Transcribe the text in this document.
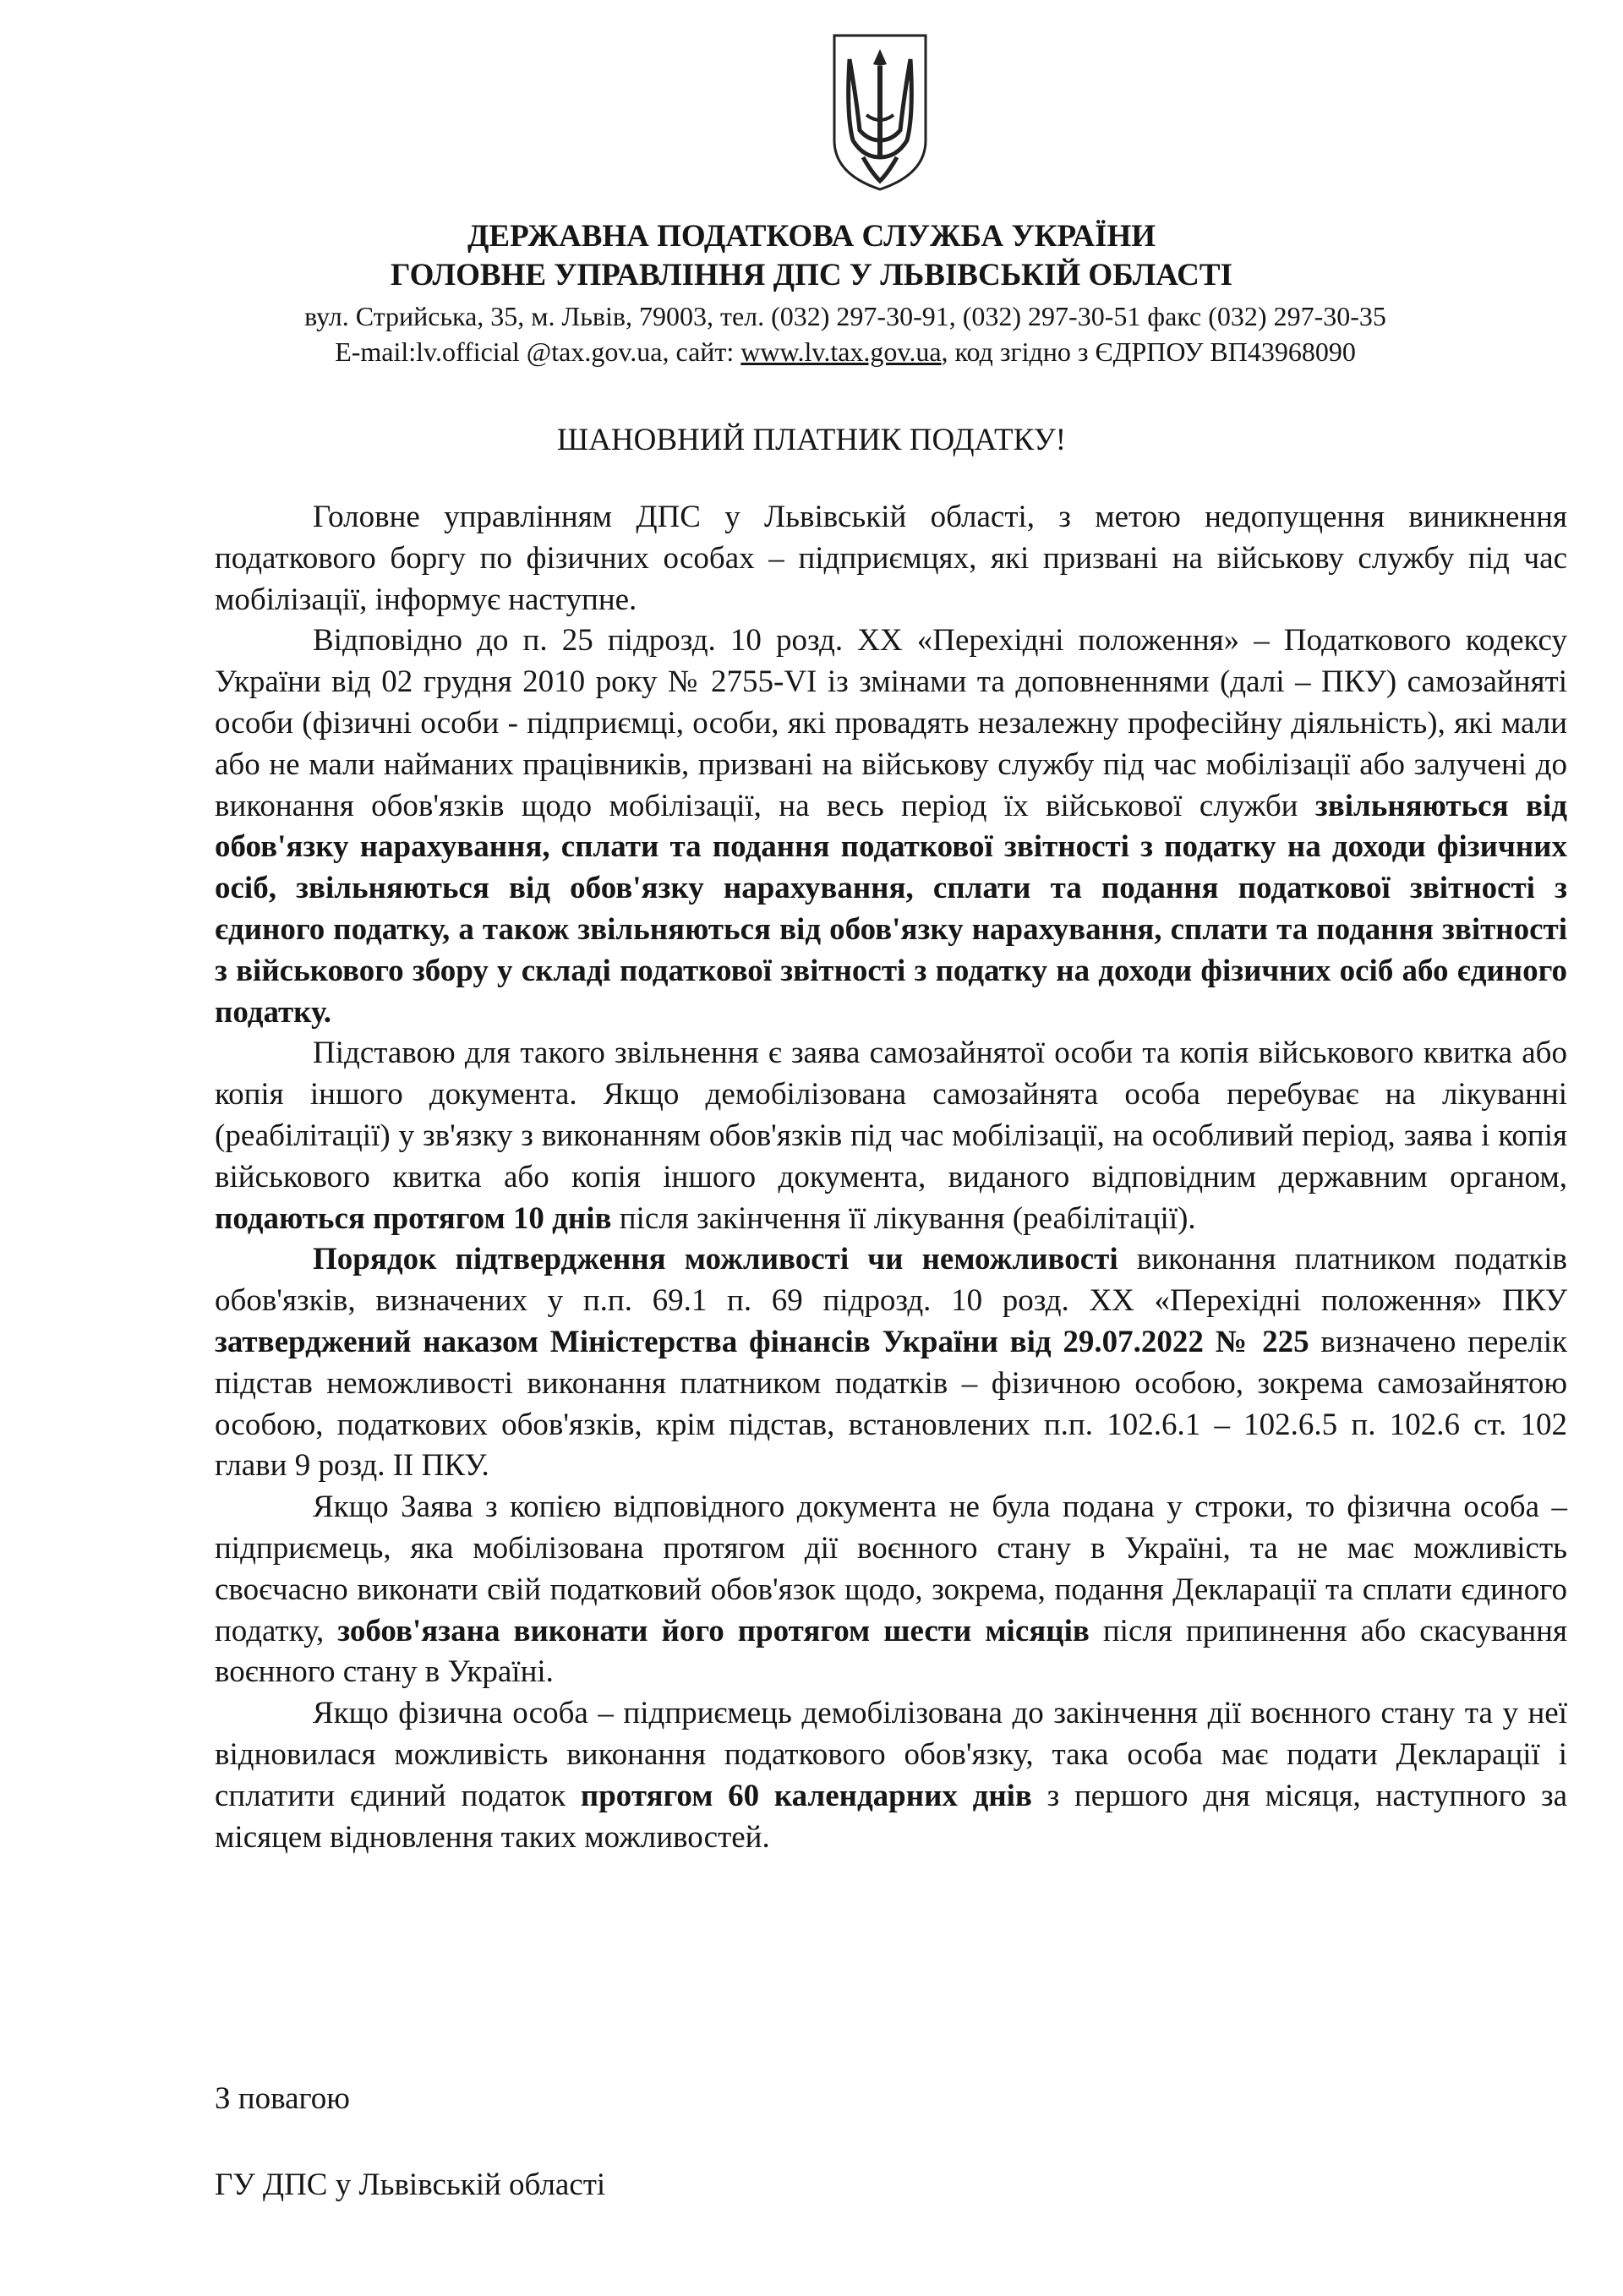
ДЕРЖАВНА ПОДАТКОВА СЛУЖБА УКРАЇНИ
ГОЛОВНЕ УПРАВЛІННЯ ДПС У ЛЬВІВСЬКІЙ ОБЛАСТІ
вул. Стрийська, 35, м. Львів, 79003, тел. (032) 297-30-91, (032) 297-30-51 факс (032) 297-30-35
E-mail:lv.official @tax.gov.ua, сайт: www.lv.tax.gov.ua, код згідно з ЄДРПОУ ВП43968090
ШАНОВНИЙ ПЛАТНИК ПОДАТКУ!

Головне управлінням ДПС у Львівській області, з метою недопущення виникнення податкового боргу по фізичних особах – підприємцях, які призвані на військову службу під час мобілізації, інформує наступне.

Відповідно до п. 25 підрозд. 10 розд. XX «Перехідні положення» – Податкового кодексу України від 02 грудня 2010 року № 2755-VI із змінами та доповненнями (далі – ПКУ) самозайняті особи (фізичні особи - підприємці, особи, які провадять незалежну професійну діяльність), які мали або не мали найманих працівників, призвані на військову службу під час мобілізації або залучені до виконання обов'язків щодо мобілізації, на весь період їх військової служби звільняються від обов'язку нарахування, сплати та подання податкової звітності з податку на доходи фізичних осіб, звільняються від обов'язку нарахування, сплати та подання податкової звітності з єдиного податку, а також звільняються від обов'язку нарахування, сплати та подання звітності з військового збору у складі податкової звітності з податку на доходи фізичних осіб або єдиного податку.

Підставою для такого звільнення є заява самозайнятої особи та копія військового квитка або копія іншого документа. Якщо демобілізована самозайнята особа перебуває на лікуванні (реабілітації) у зв'язку з виконанням обов'язків під час мобілізації, на особливий період, заява і копія військового квитка або копія іншого документа, виданого відповідним державним органом, подаються протягом 10 днів після закінчення її лікування (реабілітації).

Порядок підтвердження можливості чи неможливості виконання платником податків обов'язків, визначених у п.п. 69.1 п. 69 підрозд. 10 розд. XX «Перехідні положення» ПКУ затверджений наказом Міністерства фінансів України від 29.07.2022 № 225 визначено перелік підстав неможливості виконання платником податків – фізичною особою, зокрема самозайнятою особою, податкових обов'язків, крім підстав, встановлених п.п. 102.6.1 – 102.6.5 п. 102.6 ст. 102 глави 9 розд. II ПКУ.

Якщо Заява з копією відповідного документа не була подана у строки, то фізична особа – підприємець, яка мобілізована протягом дії воєнного стану в Україні, та не має можливість своєчасно виконати свій податковий обов'язок щодо, зокрема, подання Декларації та сплати єдиного податку, зобов'язана виконати його протягом шести місяців після припинення або скасування воєнного стану в Україні.

Якщо фізична особа – підприємець демобілізована до закінчення дії воєнного стану та у неї відновилася можливість виконання податкового обов'язку, така особа має подати Декларації і сплатити єдиний податок протягом 60 календарних днів з першого дня місяця, наступного за місяцем відновлення таких можливостей.

З повагою
ГУ ДПС у Львівській області
